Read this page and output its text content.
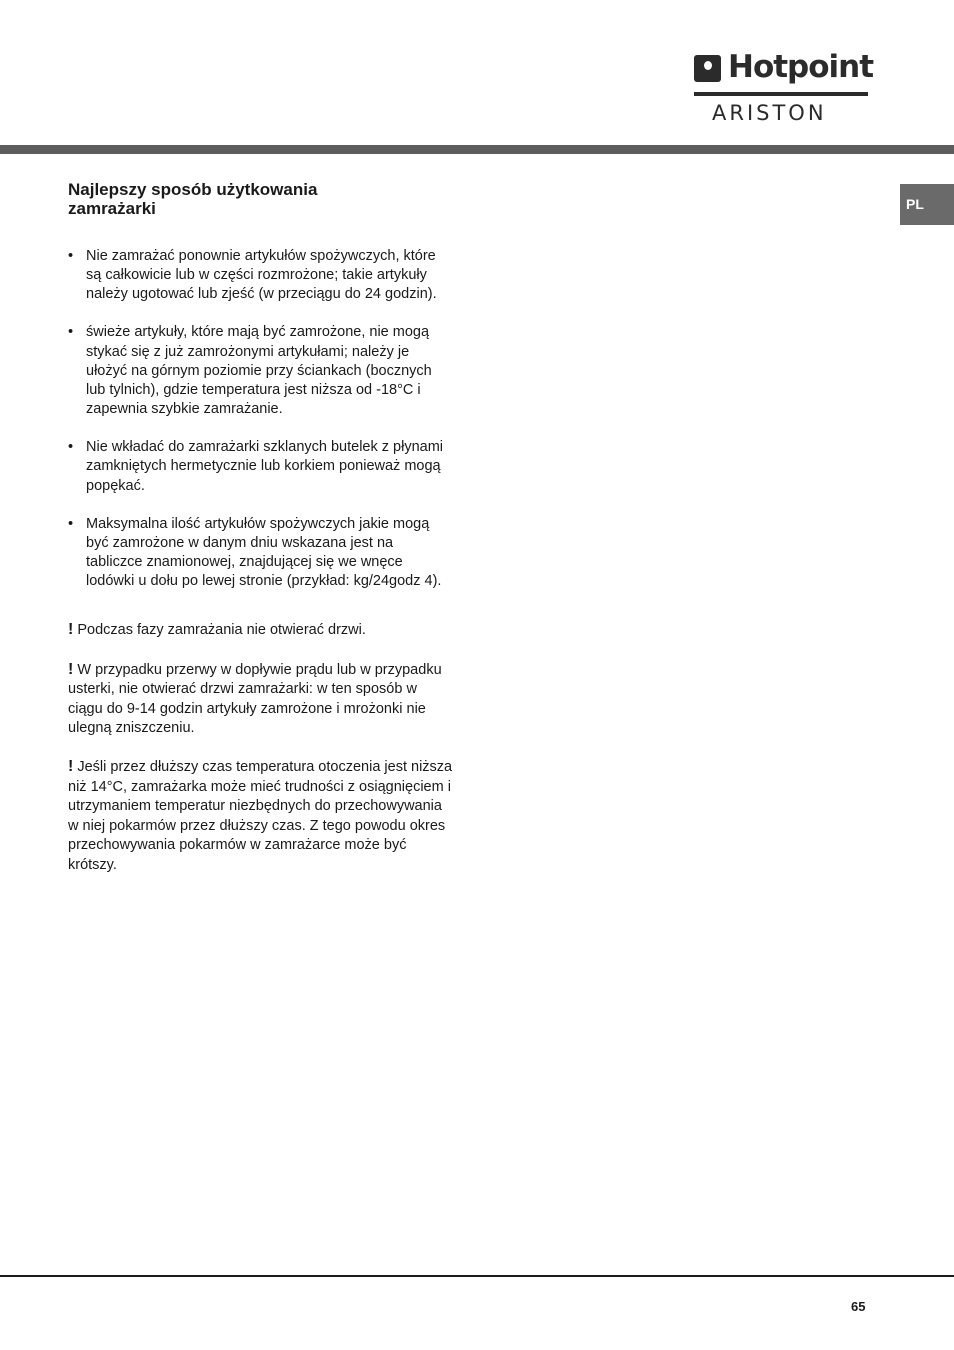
Hotpoint
ARISTON
PL
Najlepszy sposób użytkowania zamrażarki
• Nie zamrażać ponownie artykułów spożywczych, które są całkowicie lub w części rozmrożone; takie artykuły należy ugotować lub zjeść (w przeciągu do 24 godzin).
• świeże artykuły, które mają być zamrożone, nie mogą stykać się z już zamrożonymi artykułami; należy je ułożyć na górnym poziomie przy ściankach (bocznych lub tylnich), gdzie temperatura jest niższa od -18°C i zapewnia szybkie zamrażanie.
• Nie wkładać do zamrażarki szklanych butelek z płynami zamkniętych hermetycznie lub korkiem ponieważ mogą popękać.
• Maksymalna ilość artykułów spożywczych jakie mogą być zamrożone w danym dniu wskazana jest na tabliczce znamionowej, znajdującej się we wnęce lodówki u dołu po lewej stronie (przykład: kg/24godz 4).

! Podczas fazy zamrażania nie otwierać drzwi.

! W przypadku przerwy w dopływie prądu lub w przypadku usterki, nie otwierać drzwi zamrażarki: w ten sposób w ciągu do 9-14 godzin artykuły zamrożone i mrożonki nie ulegną zniszczeniu.

! Jeśli przez dłuższy czas temperatura otoczenia jest niższa niż 14°C, zamrażarka może mieć trudności z osiągnięciem i utrzymaniem temperatur niezbędnych do przechowywania w niej pokarmów przez dłuższy czas. Z tego powodu okres przechowywania pokarmów w zamrażarce może być krótszy.

65
